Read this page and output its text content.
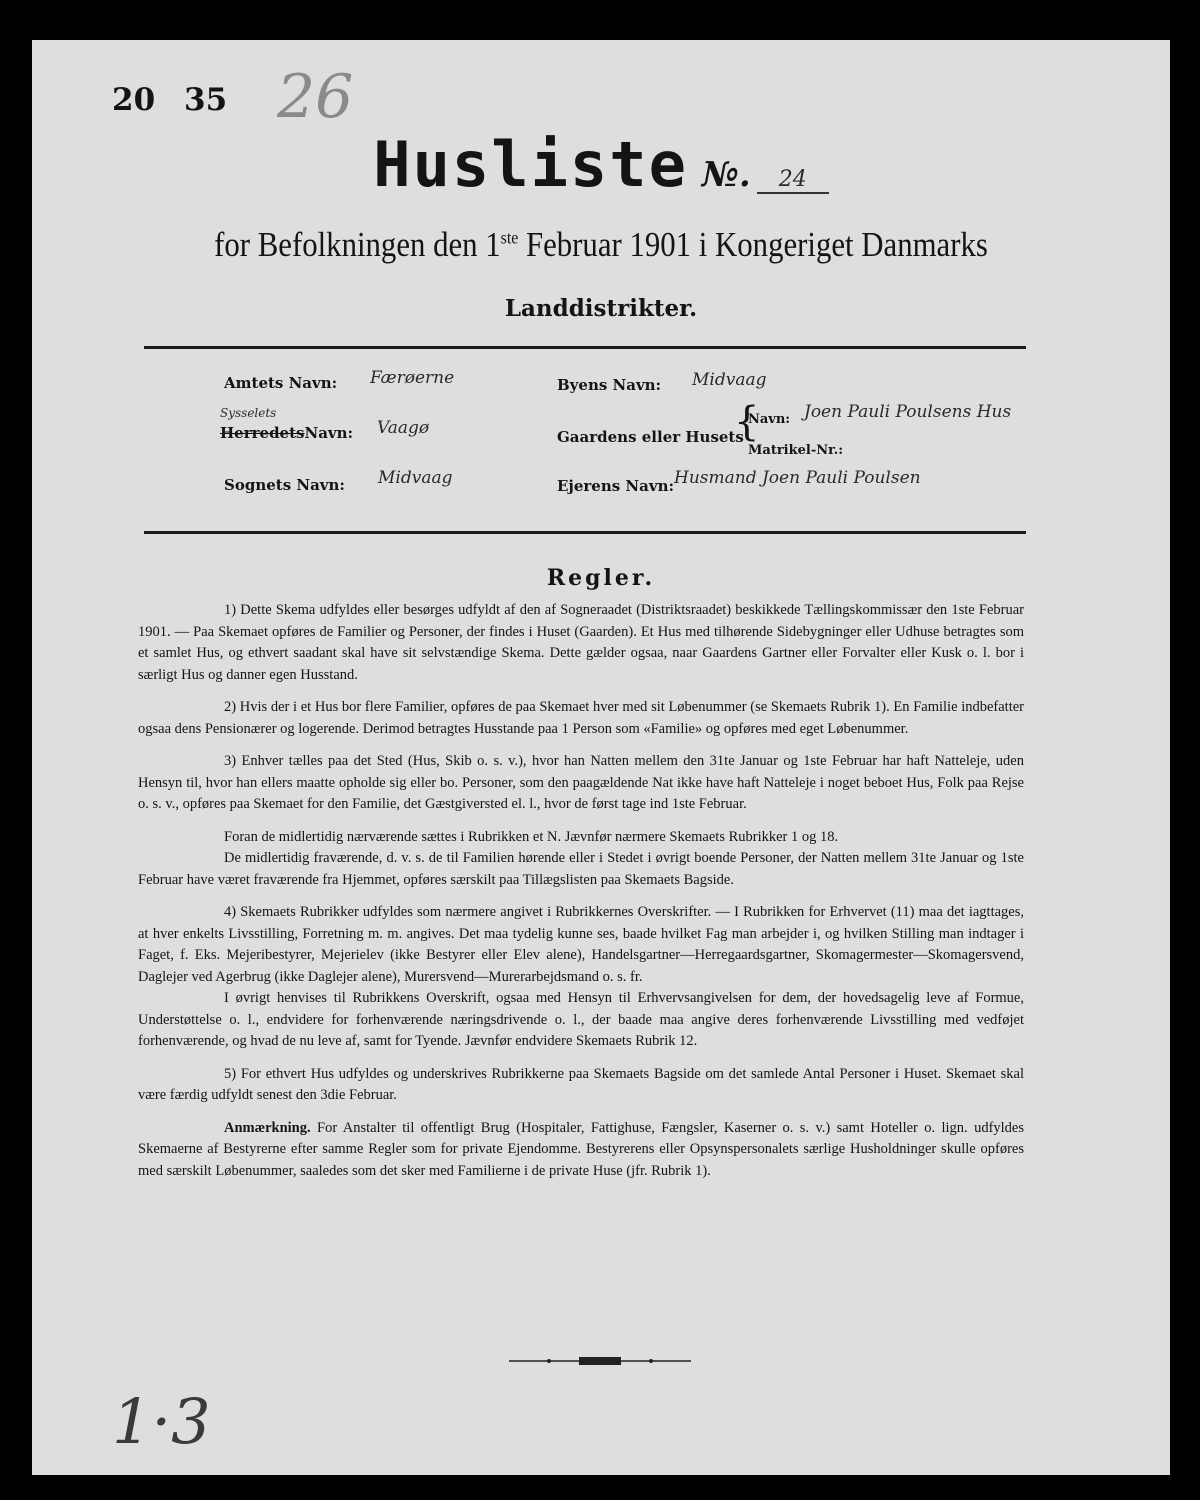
20 35 26
Husliste №. 24
for Befolkningen den 1ste Februar 1901 i Kongeriget Danmarks
Landdistrikter.
Amtets Navn: Færøerne
Sysselets
HerredetsNavn: Vaagø
Sognets Navn: Midvaag
Byens Navn: Midvaag
Gaardens eller Husets
{
Navn: Joen Pauli Poulsens Hus
Matrikel-Nr.:
Ejerens Navn: Husmand Joen Pauli Poulsen
Regler.

1) Dette Skema udfyldes eller besørges udfyldt af den af Sogneraadet (Distriktsraadet) beskikkede Tællingskommissær den 1ste Februar 1901. — Paa Skemaet opføres de Familier og Personer, der findes i Huset (Gaarden). Et Hus med tilhørende Sidebygninger eller Udhuse betragtes som et samlet Hus, og ethvert saadant skal have sit selvstændige Skema. Dette gælder ogsaa, naar Gaardens Gartner eller Forvalter eller Kusk o. l. bor i særligt Hus og danner egen Husstand.

2) Hvis der i et Hus bor flere Familier, opføres de paa Skemaet hver med sit Løbenummer (se Skemaets Rubrik 1). En Familie indbefatter ogsaa dens Pensionærer og logerende. Derimod betragtes Husstande paa 1 Person som «Familie» og opføres med eget Løbenummer.

3) Enhver tælles paa det Sted (Hus, Skib o. s. v.), hvor han Natten mellem den 31te Januar og 1ste Februar har haft Natteleje, uden Hensyn til, hvor han ellers maatte opholde sig eller bo. Personer, som den paagældende Nat ikke have haft Natteleje i noget beboet Hus, Folk paa Rejse o. s. v., opføres paa Skemaet for den Familie, det Gæstgiversted el. l., hvor de først tage ind 1ste Februar.

Foran de midlertidig nærværende sættes i Rubrikken et N. Jævnfør nærmere Skemaets Rubrikker 1 og 18.

De midlertidig fraværende, d. v. s. de til Familien hørende eller i Stedet i øvrigt boende Personer, der Natten mellem 31te Januar og 1ste Februar have været fraværende fra Hjemmet, opføres særskilt paa Tillægslisten paa Skemaets Bagside.

4) Skemaets Rubrikker udfyldes som nærmere angivet i Rubrikkernes Overskrifter. — I Rubrikken for Erhvervet (11) maa det iagttages, at hver enkelts Livsstilling, Forretning m. m. angives. Det maa tydelig kunne ses, baade hvilket Fag man arbejder i, og hvilken Stilling man indtager i Faget, f. Eks. Mejeribestyrer, Mejerielev (ikke Bestyrer eller Elev alene), Handelsgartner—Herregaardsgartner, Skomagermester—Skomagersvend, Daglejer ved Agerbrug (ikke Daglejer alene), Murersvend—Murerarbejdsmand o. s. fr.

I øvrigt henvises til Rubrikkens Overskrift, ogsaa med Hensyn til Erhvervsangivelsen for dem, der hovedsagelig leve af Formue, Understøttelse o. l., endvidere for forhenværende næringsdrivende o. l., der baade maa angive deres forhenværende Livsstilling med vedføjet forhenværende, og hvad de nu leve af, samt for Tyende. Jævnfør endvidere Skemaets Rubrik 12.

5) For ethvert Hus udfyldes og underskrives Rubrikkerne paa Skemaets Bagside om det samlede Antal Personer i Huset. Skemaet skal være færdig udfyldt senest den 3die Februar.

Anmærkning. For Anstalter til offentligt Brug (Hospitaler, Fattighuse, Fængsler, Kaserner o. s. v.) samt Hoteller o. lign. udfyldes Skemaerne af Bestyrerne efter samme Regler som for private Ejendomme. Bestyrerens eller Opsynspersonalets særlige Husholdninger skulle opføres med særskilt Løbenummer, saaledes som det sker med Familierne i de private Huse (jfr. Rubrik 1).

1·3
